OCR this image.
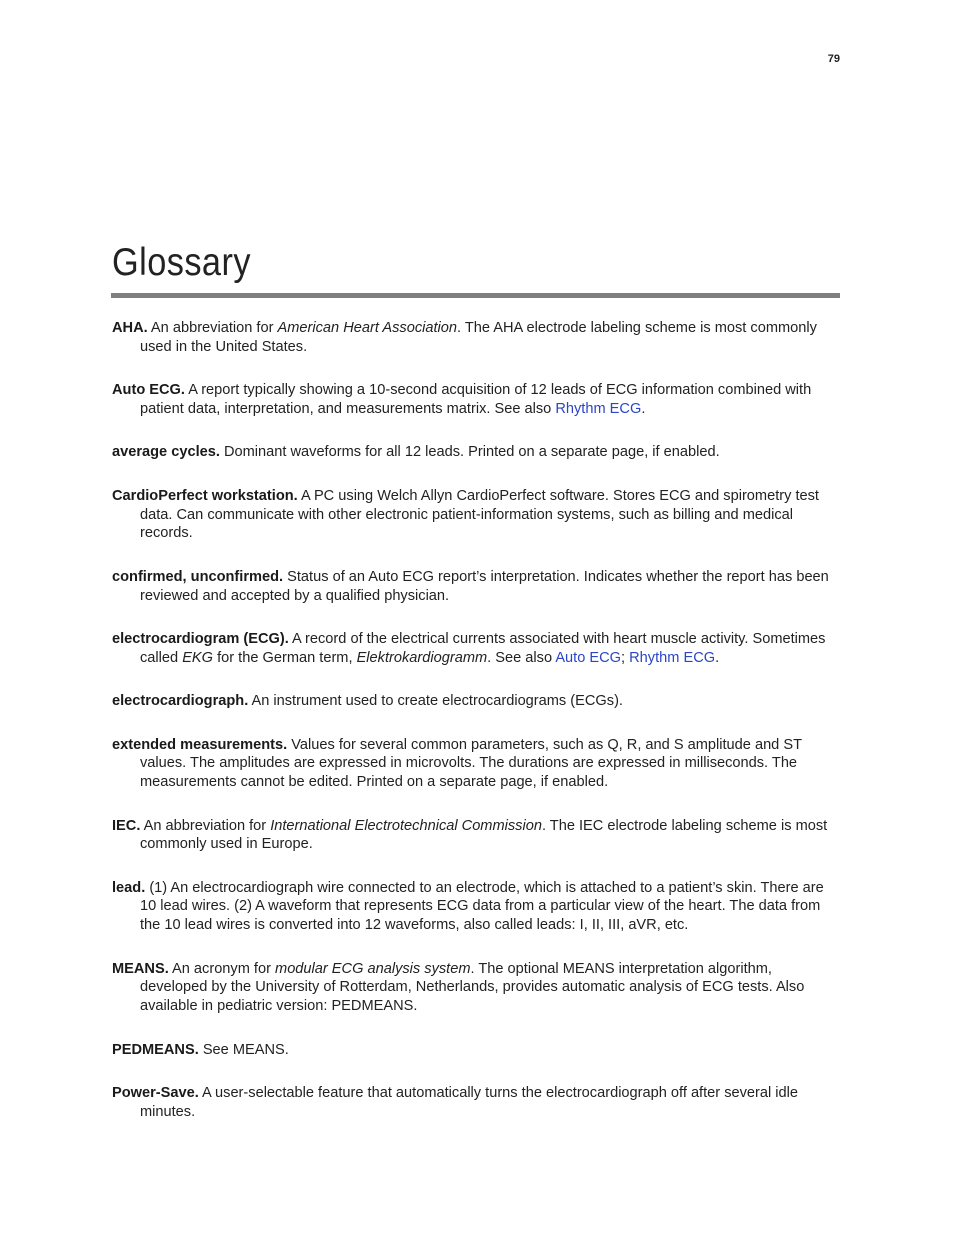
79
Glossary

AHA. An abbreviation for American Heart Association. The AHA electrode labeling scheme is most commonly used in the United States.

Auto ECG. A report typically showing a 10-second acquisition of 12 leads of ECG information combined with patient data, interpretation, and measurements matrix. See also Rhythm ECG.

average cycles. Dominant waveforms for all 12 leads. Printed on a separate page, if enabled.

CardioPerfect workstation. A PC using Welch Allyn CardioPerfect software. Stores ECG and spirometry test data. Can communicate with other electronic patient-information systems, such as billing and medical records.

confirmed, unconfirmed. Status of an Auto ECG report’s interpretation. Indicates whether the report has been reviewed and accepted by a qualified physician.

electrocardiogram (ECG). A record of the electrical currents associated with heart muscle activity. Sometimes called EKG for the German term, Elektrokardiogramm. See also Auto ECG; Rhythm ECG.

electrocardiograph. An instrument used to create electrocardiograms (ECGs).

extended measurements. Values for several common parameters, such as Q, R, and S amplitude and ST values. The amplitudes are expressed in microvolts. The durations are expressed in milliseconds. The measurements cannot be edited. Printed on a separate page, if enabled.

IEC. An abbreviation for International Electrotechnical Commission. The IEC electrode labeling scheme is most commonly used in Europe.

lead. (1) An electrocardiograph wire connected to an electrode, which is attached to a patient’s skin. There are 10 lead wires. (2) A waveform that represents ECG data from a particular view of the heart. The data from the 10 lead wires is converted into 12 waveforms, also called leads: I, II, III, aVR, etc.

MEANS. An acronym for modular ECG analysis system. The optional MEANS interpretation algorithm, developed by the University of Rotterdam, Netherlands, provides automatic analysis of ECG tests. Also available in pediatric version: PEDMEANS.

PEDMEANS. See MEANS.

Power-Save. A user-selectable feature that automatically turns the electrocardiograph off after several idle minutes.
